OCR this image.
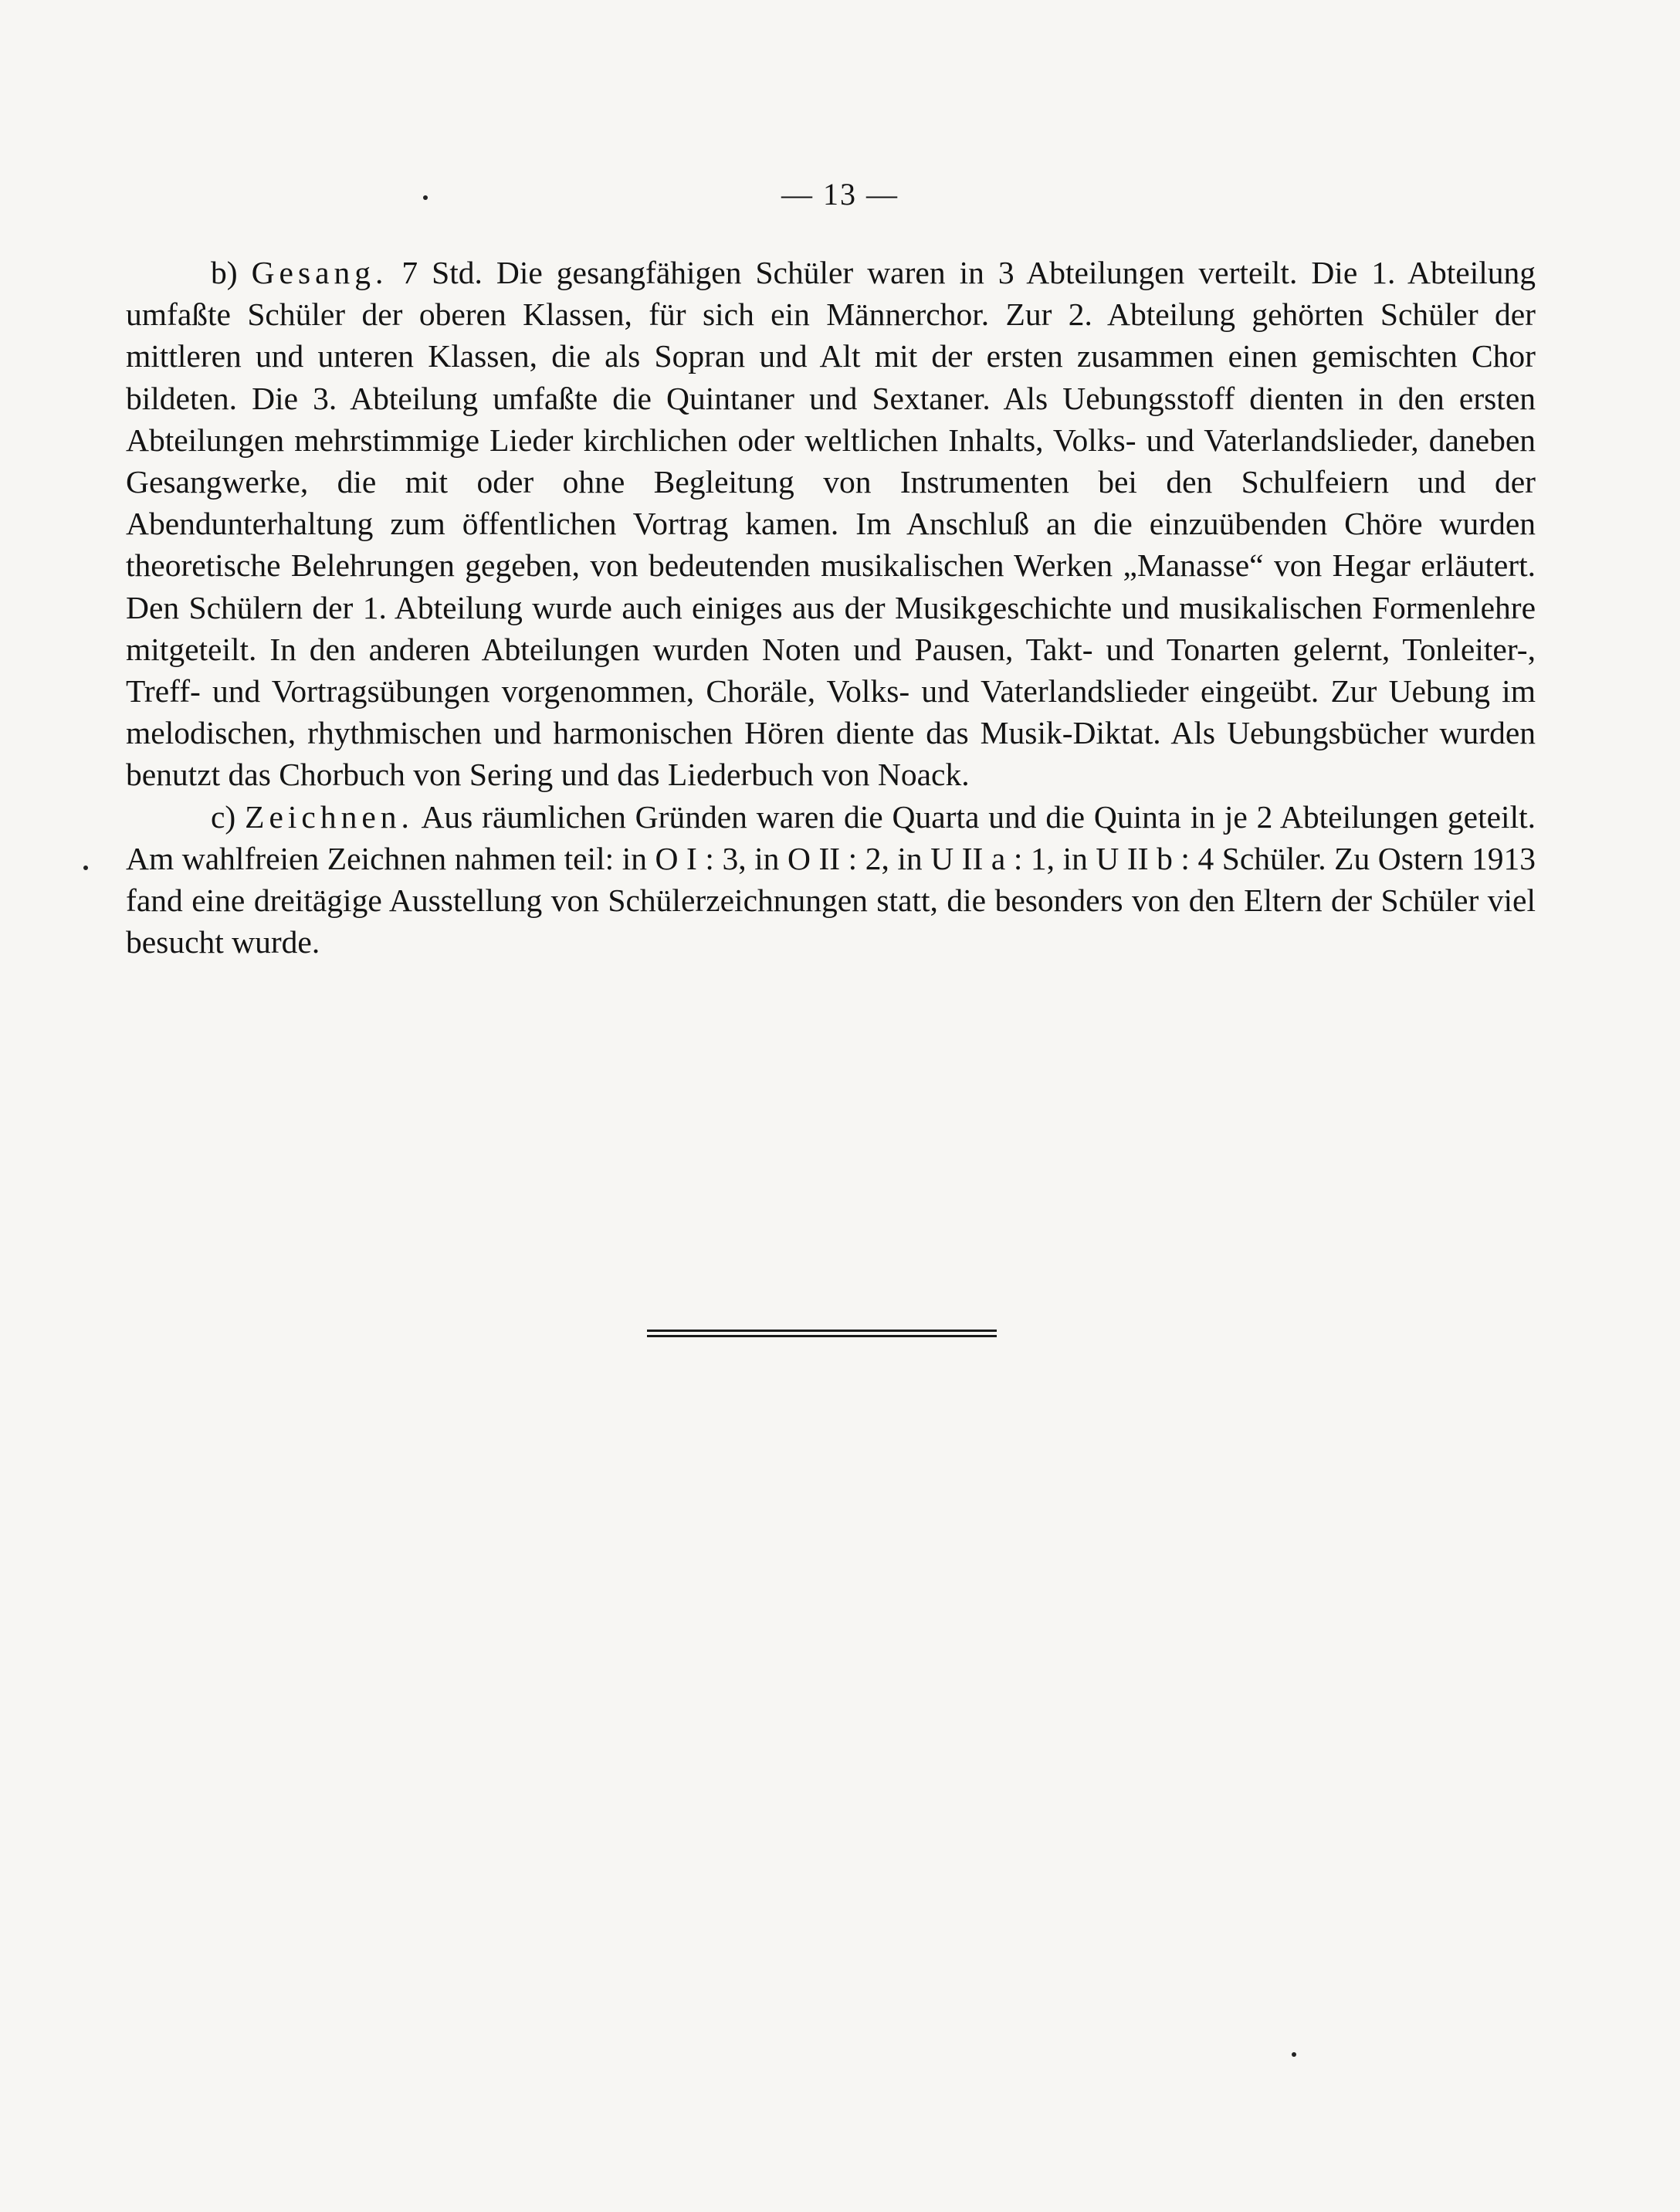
— 13 —

b) Gesang. 7 Std. Die gesangfähigen Schüler waren in 3 Abteilungen verteilt. Die 1. Abteilung umfaßte Schüler der oberen Klassen, für sich ein Männerchor. Zur 2. Abteilung gehörten Schüler der mittleren und unteren Klassen, die als Sopran und Alt mit der ersten zusammen einen gemischten Chor bildeten. Die 3. Abteilung umfaßte die Quintaner und Sextaner. Als Uebungsstoff dienten in den ersten Abteilungen mehrstimmige Lieder kirchlichen oder weltlichen Inhalts, Volks- und Vaterlandslieder, daneben Gesangwerke, die mit oder ohne Begleitung von Instrumenten bei den Schulfeiern und der Abendunterhaltung zum öffentlichen Vortrag kamen. Im Anschluß an die einzuübenden Chöre wurden theoretische Belehrungen gegeben, von bedeutenden musikalischen Werken „Manasse“ von Hegar erläutert. Den Schülern der 1. Abteilung wurde auch einiges aus der Musikgeschichte und musikalischen Formenlehre mitgeteilt. In den anderen Abteilungen wurden Noten und Pausen, Takt- und Tonarten gelernt, Tonleiter-, Treff- und Vortragsübungen vorgenommen, Choräle, Volks- und Vaterlandslieder eingeübt. Zur Uebung im melodischen, rhythmischen und harmonischen Hören diente das Musik-Diktat. Als Uebungsbücher wurden benutzt das Chorbuch von Sering und das Liederbuch von Noack.

c) Zeichnen. Aus räumlichen Gründen waren die Quarta und die Quinta in je 2 Abteilungen geteilt. Am wahlfreien Zeichnen nahmen teil: in O I : 3, in O II : 2, in U II a : 1, in U II b : 4 Schüler. Zu Ostern 1913 fand eine dreitägige Ausstellung von Schülerzeichnungen statt, die besonders von den Eltern der Schüler viel besucht wurde.
